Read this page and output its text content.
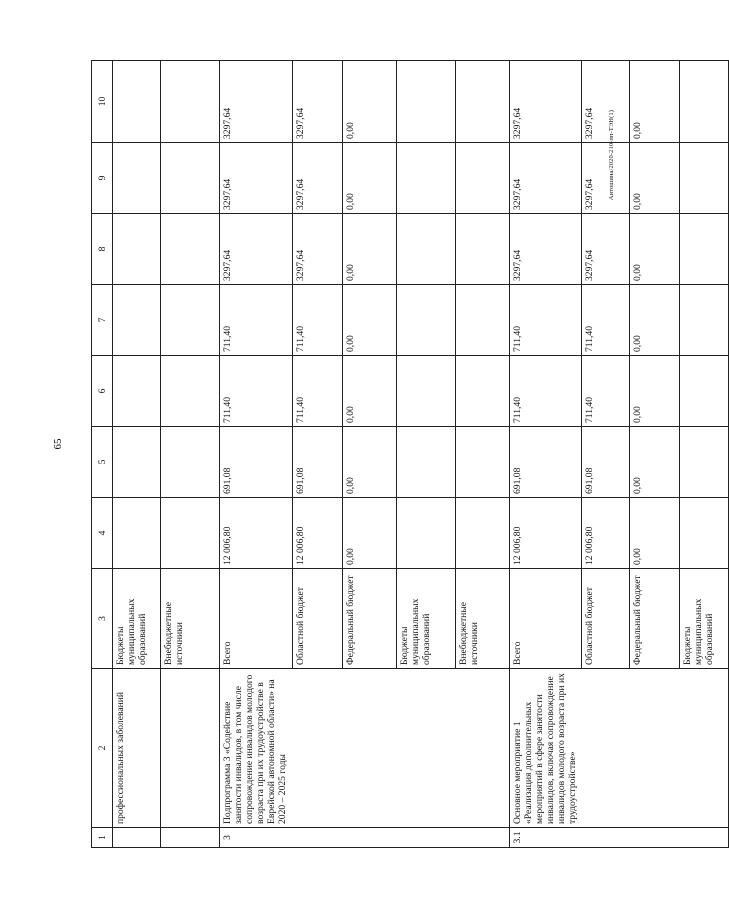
65
Антошина/2020-210-пп-ТЭН(1)
1	2	3	4	5	6	7	8	9	10
	профессиональных заболеваний	Бюджеты муниципальных образований							
		Внебюджетные источники							
3	Подпрограмма 3 «Содействие занятости инвалидов, в том числе сопровождение инвалидов молодого возраста при их трудоустройстве в Еврейской автономной области» на 2020 – 2025 годы	Всего	12 006,80	691,08	711,40	711,40	3297,64	3297,64	3297,64
		Областной бюджет	12 006,80	691,08	711,40	711,40	3297,64	3297,64	3297,64
		Федеральный бюджет	0,00	0,00	0,00	0,00	0,00	0,00	0,00
		Бюджеты муниципальных образований							
		Внебюджетные источники							
3.1	Основное мероприятие 1 «Реализация дополнительных мероприятий в сфере занятости инвалидов, включая сопровождение инвалидов молодого возраста при их трудоустройстве»	Всего	12 006,80	691,08	711,40	711,40	3297,64	3297,64	3297,64
		Областной бюджет	12 006,80	691,08	711,40	711,40	3297,64	3297,64	3297,64
		Федеральный бюджет	0,00	0,00	0,00	0,00	0,00	0,00	0,00
		Бюджеты муниципальных образований							
